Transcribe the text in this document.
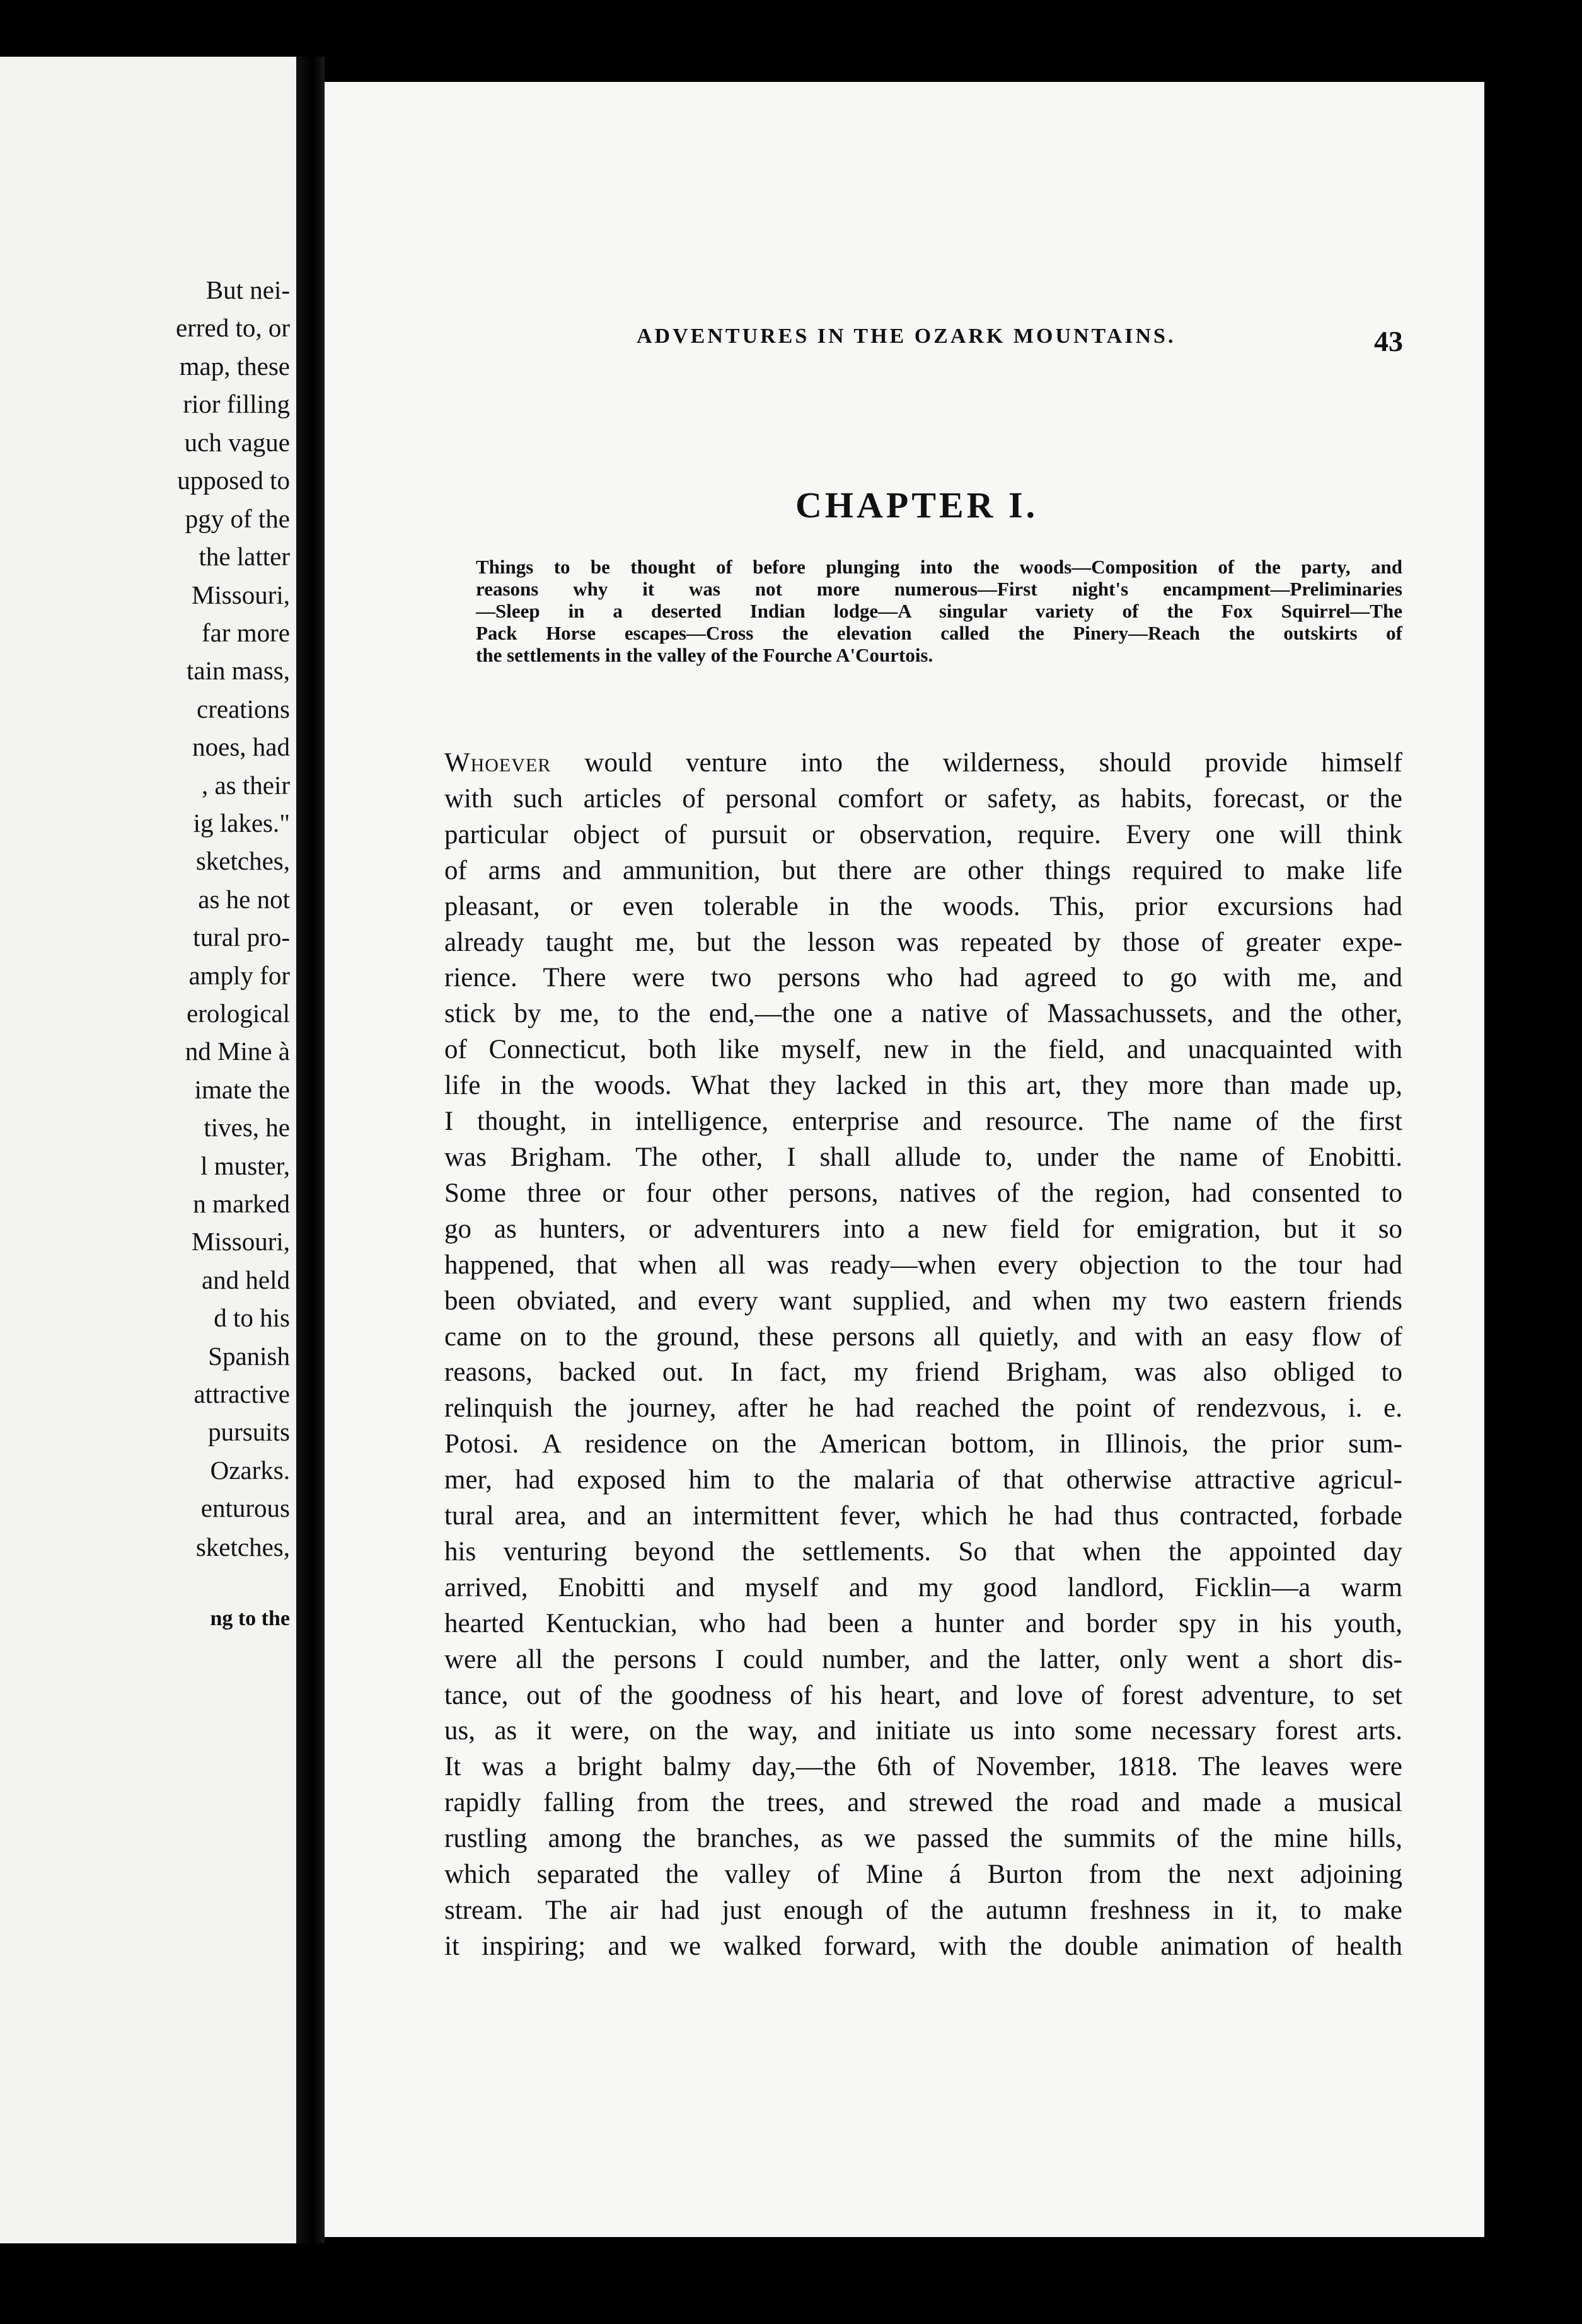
But nei-
erred to, or
map, these
rior filling
uch vague
upposed to
pgy of the
the latter
Missouri,
far more
tain mass,
creations
noes, had
, as their
ig lakes."
sketches,
as he not
tural pro-
amply for
erological
nd Mine à
imate the
tives, he
l muster,
n marked
Missouri,
and held
d to his
Spanish
attractive
pursuits
Ozarks.
enturous
sketches,
ng to the
ADVENTURES IN THE OZARK MOUNTAINS.	43
CHAPTER I.
Things to be thought of before plunging into the woods—Composition of the party, and
reasons why it was not more numerous—First night's encampment—Preliminaries
—Sleep in a deserted Indian lodge—A singular variety of the Fox Squirrel—The
Pack Horse escapes—Cross the elevation called the Pinery—Reach the outskirts of
the settlements in the valley of the Fourche A'Courtois.
Whoever would venture into the wilderness, should provide himself
with such articles of personal comfort or safety, as habits, forecast, or the
particular object of pursuit or observation, require. Every one will think
of arms and ammunition, but there are other things required to make life
pleasant, or even tolerable in the woods. This, prior excursions had
already taught me, but the lesson was repeated by those of greater expe-
rience. There were two persons who had agreed to go with me, and
stick by me, to the end,—the one a native of Massachussets, and the other,
of Connecticut, both like myself, new in the field, and unacquainted with
life in the woods. What they lacked in this art, they more than made up,
I thought, in intelligence, enterprise and resource. The name of the first
was Brigham. The other, I shall allude to, under the name of Enobitti.
Some three or four other persons, natives of the region, had consented to
go as hunters, or adventurers into a new field for emigration, but it so
happened, that when all was ready—when every objection to the tour had
been obviated, and every want supplied, and when my two eastern friends
came on to the ground, these persons all quietly, and with an easy flow of
reasons, backed out. In fact, my friend Brigham, was also obliged to
relinquish the journey, after he had reached the point of rendezvous, i. e.
Potosi. A residence on the American bottom, in Illinois, the prior sum-
mer, had exposed him to the malaria of that otherwise attractive agricul-
tural area, and an intermittent fever, which he had thus contracted, forbade
his venturing beyond the settlements. So that when the appointed day
arrived, Enobitti and myself and my good landlord, Ficklin—a warm
hearted Kentuckian, who had been a hunter and border spy in his youth,
were all the persons I could number, and the latter, only went a short dis-
tance, out of the goodness of his heart, and love of forest adventure, to set
us, as it were, on the way, and initiate us into some necessary forest arts.
It was a bright balmy day,—the 6th of November, 1818. The leaves were
rapidly falling from the trees, and strewed the road and made a musical
rustling among the branches, as we passed the summits of the mine hills,
which separated the valley of Mine á Burton from the next adjoining
stream. The air had just enough of the autumn freshness in it, to make
it inspiring; and we walked forward, with the double animation of health
